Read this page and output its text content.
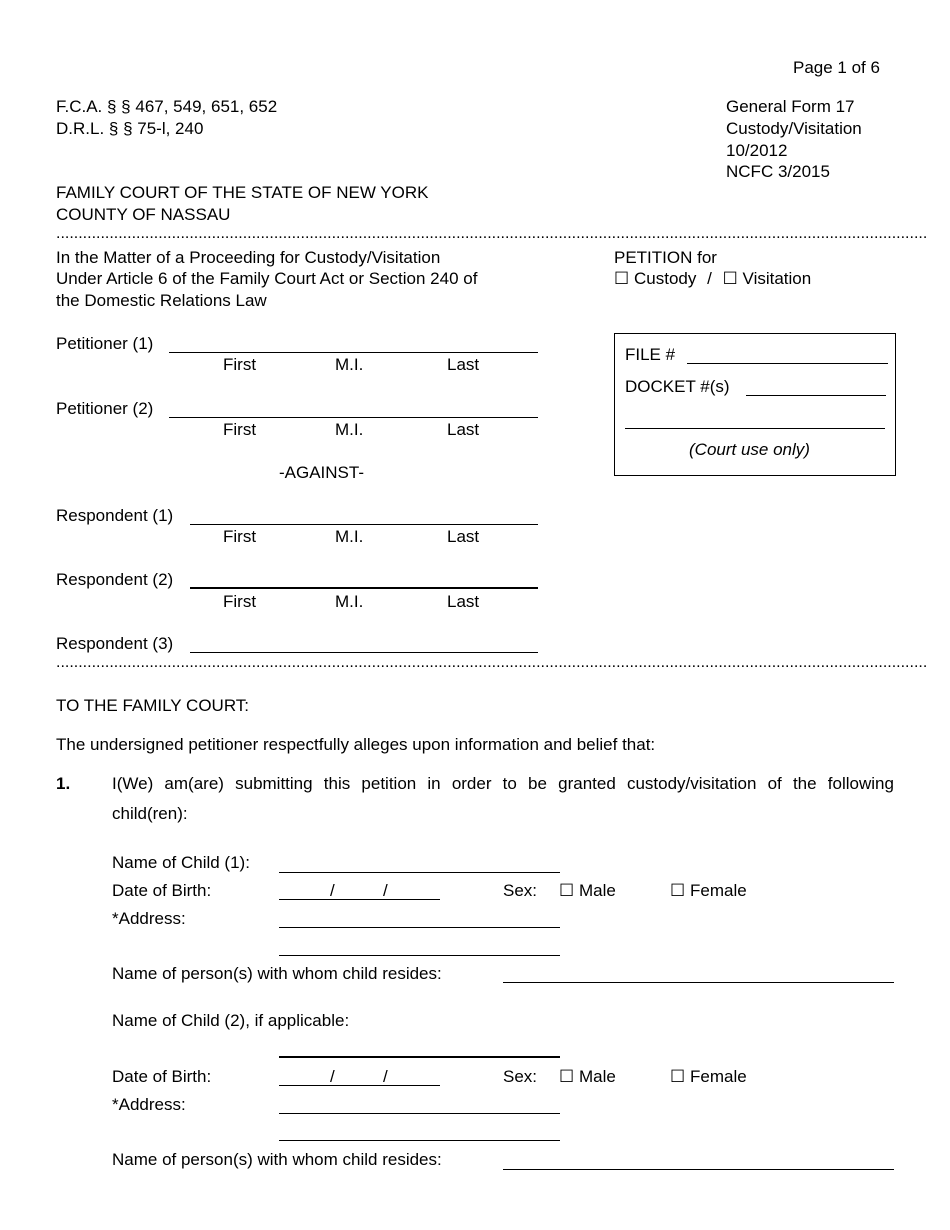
Page 1 of 6
F.C.A. § § 467, 549, 651, 652
D.R.L. § § 75-l, 240
General Form 17
Custody/Visitation
10/2012
NCFC 3/2015
FAMILY COURT OF THE STATE OF NEW YORK
COUNTY OF NASSAU
....................................................................................................................................................................................................
In the Matter of a Proceeding for Custody/Visitation
Under Article 6 of the Family Court Act or Section 240 of
the Domestic Relations Law
PETITION for
☐ Custody / ☐ Visitation
Petitioner (1)
First	M.I.	Last
Petitioner (2)
First	M.I.	Last
-AGAINST-
Respondent (1)
First	M.I.	Last
Respondent (2)
First	M.I.	Last
Respondent (3)
....................................................................................................................................................................................................
FILE #
DOCKET #(s)
(Court use only)
TO THE FAMILY COURT:
The undersigned petitioner respectfully alleges upon information and belief that:
1. I(We) am(are) submitting this petition in order to be granted custody/visitation of the following
child(ren):
Name of Child (1):
Date of Birth:	/	/	Sex: ☐ Male	☐ Female
*Address:
Name of person(s) with whom child resides:
Name of Child (2), if applicable:
Date of Birth:	/	/	Sex: ☐ Male	☐ Female
*Address:
Name of person(s) with whom child resides:
